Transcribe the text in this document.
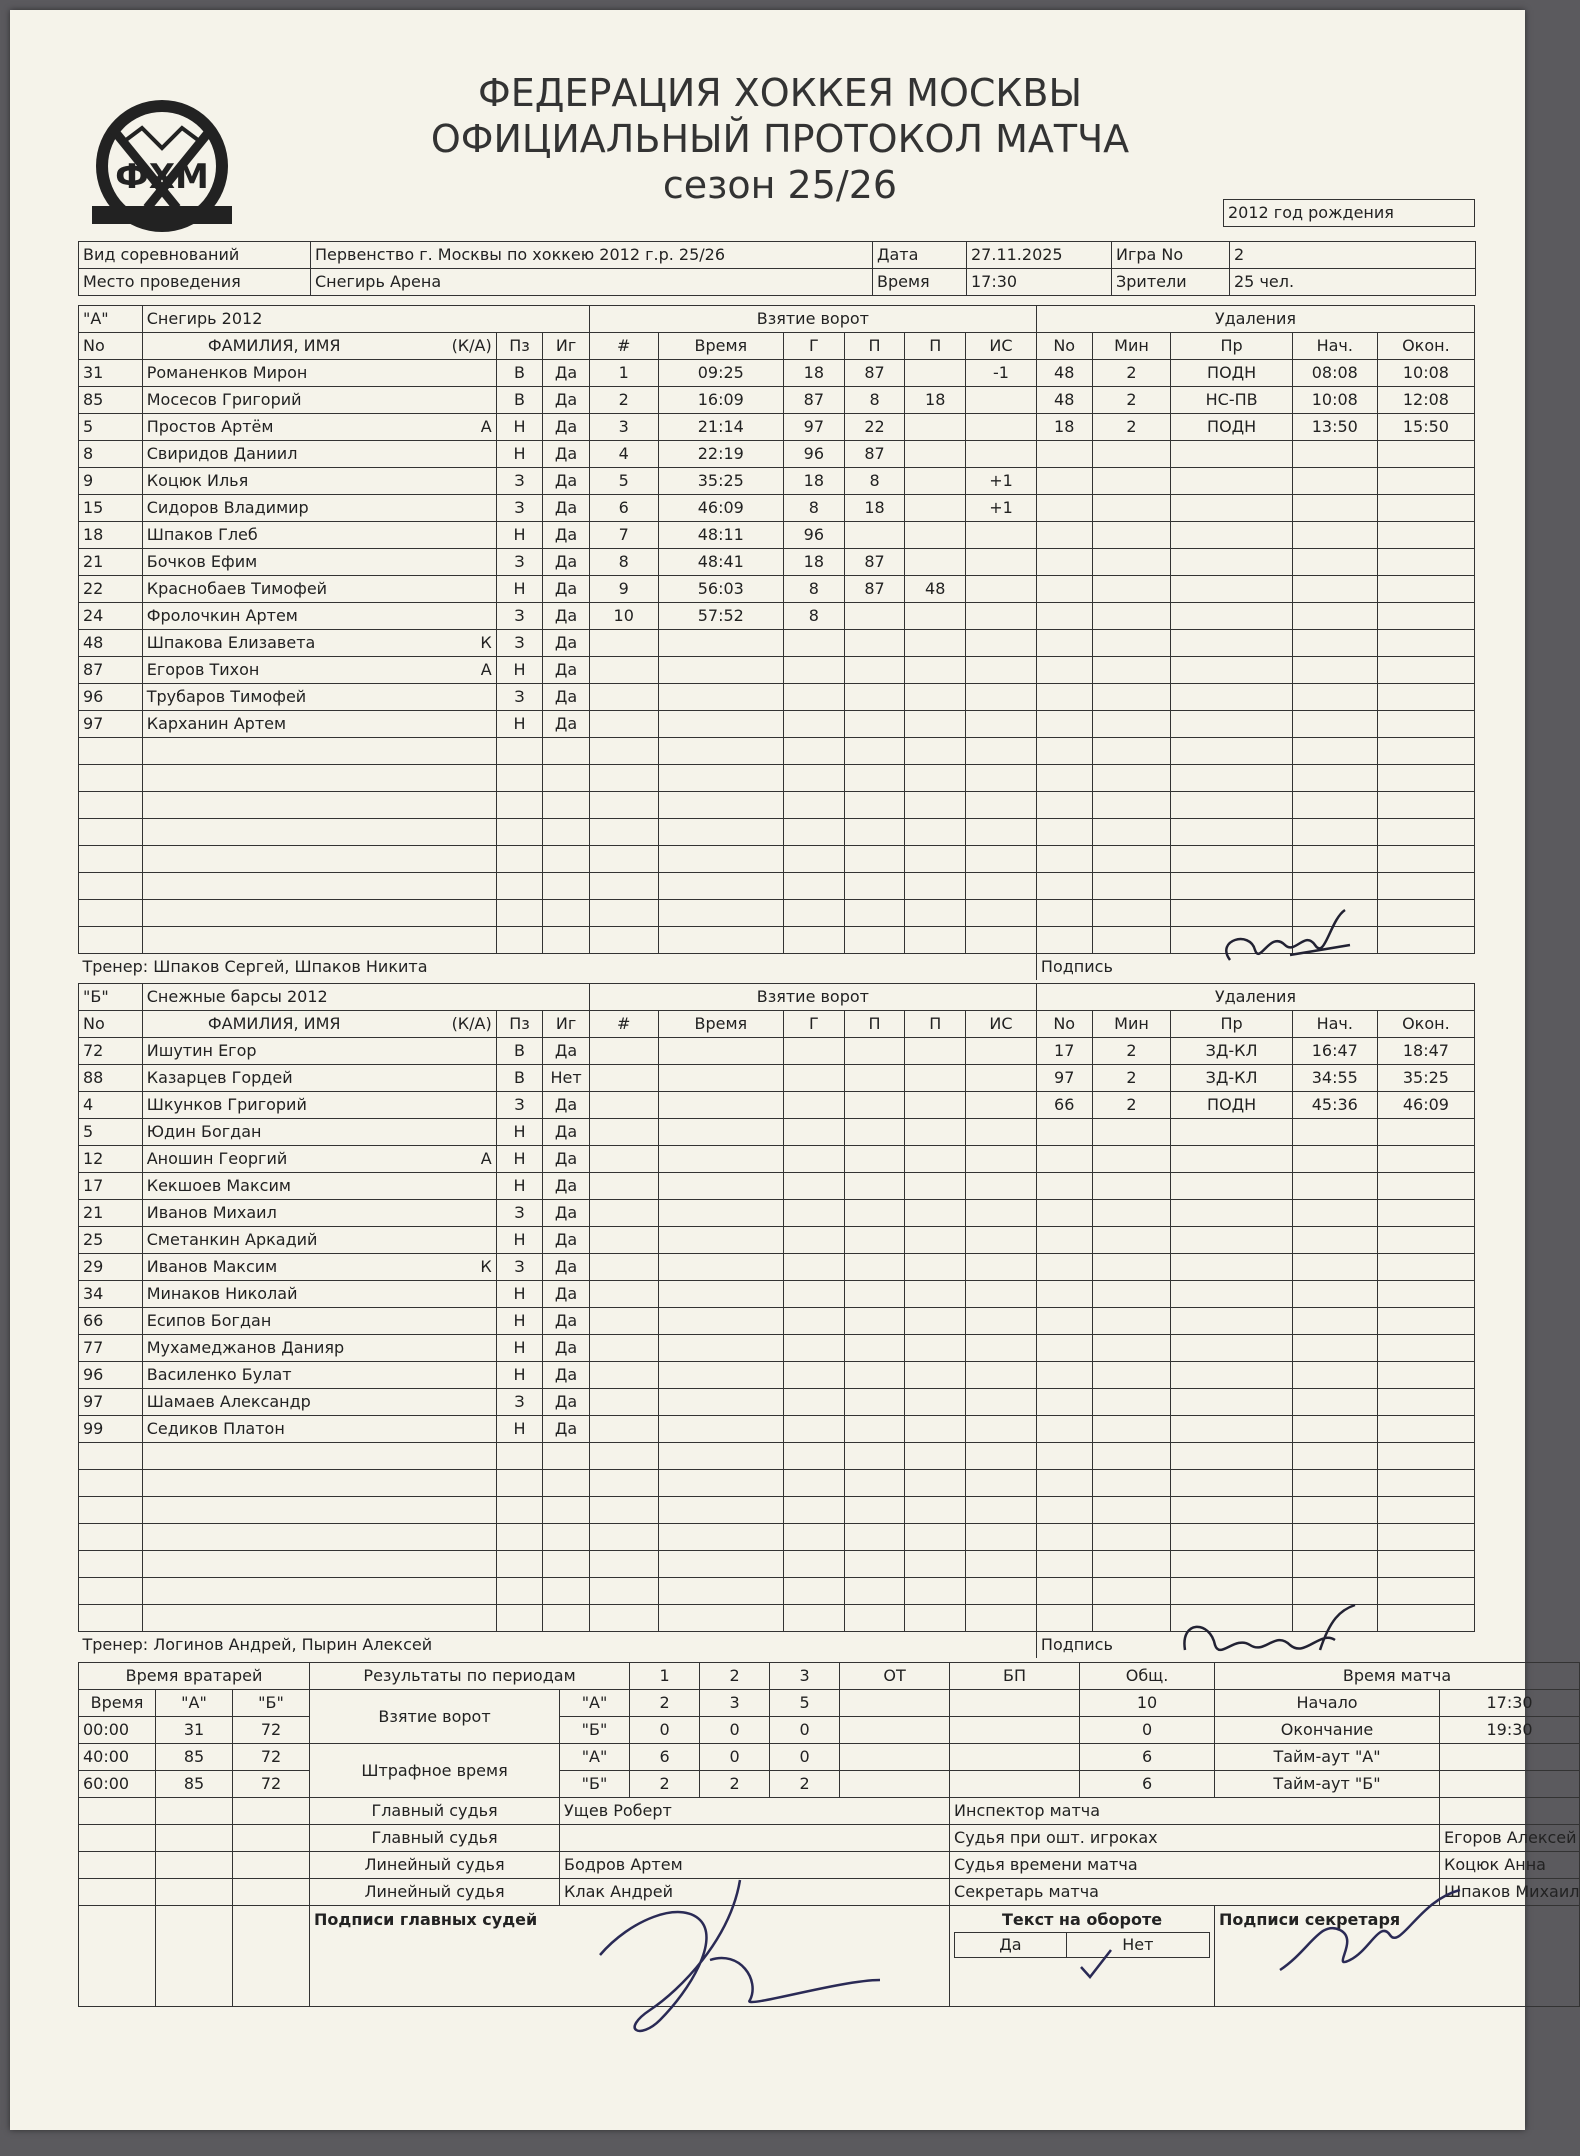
ФХМ
ФЕДЕРАЦИЯ ХОККЕЯ МОСКВЫ
ОФИЦИАЛЬНЫЙ ПРОТОКОЛ МАТЧА
сезон 25/26
2012 год рождения
Вид соревнований	Первенство г. Москвы по хоккею 2012 г.р. 25/26	Дата	27.11.2025	Игра No	2
Место проведения	Снегирь Арена	Время	17:30	Зрители	25 чел.
"А"	Снегирь 2012			Взятие ворот						Удаления				
No	ФАМИЛИЯ, ИМЯ (К/А)	Пз	Иг	#	Время	Г	П	П	ИС	No	Мин	Пр	Нач.	Окон.
31	Романенков Мирон	В	Да	1	09:25	18	87		-1	48	2	ПОДН	08:08	10:08
85	Мосесов Григорий	В	Да	2	16:09	87	8	18		48	2	НС-ПВ	10:08	12:08
5	Простов Артём А	Н	Да	3	21:14	97	22			18	2	ПОДН	13:50	15:50
8	Свиридов Даниил	Н	Да	4	22:19	96	87							
9	Коцюк Илья	З	Да	5	35:25	18	8		+1					
15	Сидоров Владимир	З	Да	6	46:09	8	18		+1					
18	Шпаков Глеб	Н	Да	7	48:11	96								
21	Бочков Ефим	З	Да	8	48:41	18	87							
22	Краснобаев Тимофей	Н	Да	9	56:03	8	87	48						
24	Фролочкин Артем	З	Да	10	57:52	8								
48	Шпакова Елизавета К	З	Да											
87	Егоров Тихон А	Н	Да											
96	Трубаров Тимофей	З	Да											
97	Карханин Артем	Н	Да											

Тренер: Шпаков Сергей, Шпаков Никита										Подпись				
"Б"	Снежные барсы 2012			Взятие ворот						Удаления				
No	ФАМИЛИЯ, ИМЯ (К/А)	Пз	Иг	#	Время	Г	П	П	ИС	No	Мин	Пр	Нач.	Окон.
72	Ишутин Егор	В	Да							17	2	ЗД-КЛ	16:47	18:47
88	Казарцев Гордей	В	Нет							97	2	ЗД-КЛ	34:55	35:25
4	Шкунков Григорий	З	Да							66	2	ПОДН	45:36	46:09
5	Юдин Богдан	Н	Да											
12	Аношин Георгий А	Н	Да											
17	Кекшоев Максим	Н	Да											
21	Иванов Михаил	З	Да											
25	Сметанкин Аркадий	Н	Да											
29	Иванов Максим К	З	Да											
34	Минаков Николай	Н	Да											
66	Есипов Богдан	Н	Да											
77	Мухамеджанов Данияр	Н	Да											
96	Василенко Булат	Н	Да											
97	Шамаев Александр	З	Да											
99	Седиков Платон	Н	Да											

Тренер: Логинов Андрей, Пырин Алексей										Подпись				
Время вратарей	Результаты по периодам	1	2	3	ОТ	БП	Общ.	Время матча
Время	"А"	"Б"	Взятие ворот	"А"	2	3	5			10	Начало	17:30
00:00	31	72	"Б"	0	0	0			0	Окончание	19:30
40:00	85	72	Штрафное время	"А"	6	0	0			6	Тайм-аут "А"	
60:00	85	72	"Б"	2	2	2			6	Тайм-аут "Б"	
			Главный судья	Ущев Роберт	Инспектор матча	
			Главный судья		Судья при ошт. игроках	Егоров Алексей
			Линейный судья	Бодров Артем	Судья времени матча	Коцюк Анна
			Линейный судья	Клак Андрей	Секретарь матча	Шпаков Михаил
			Подписи главных судей	Текст на обороте
Да	Нет
	Подписи секретаря
